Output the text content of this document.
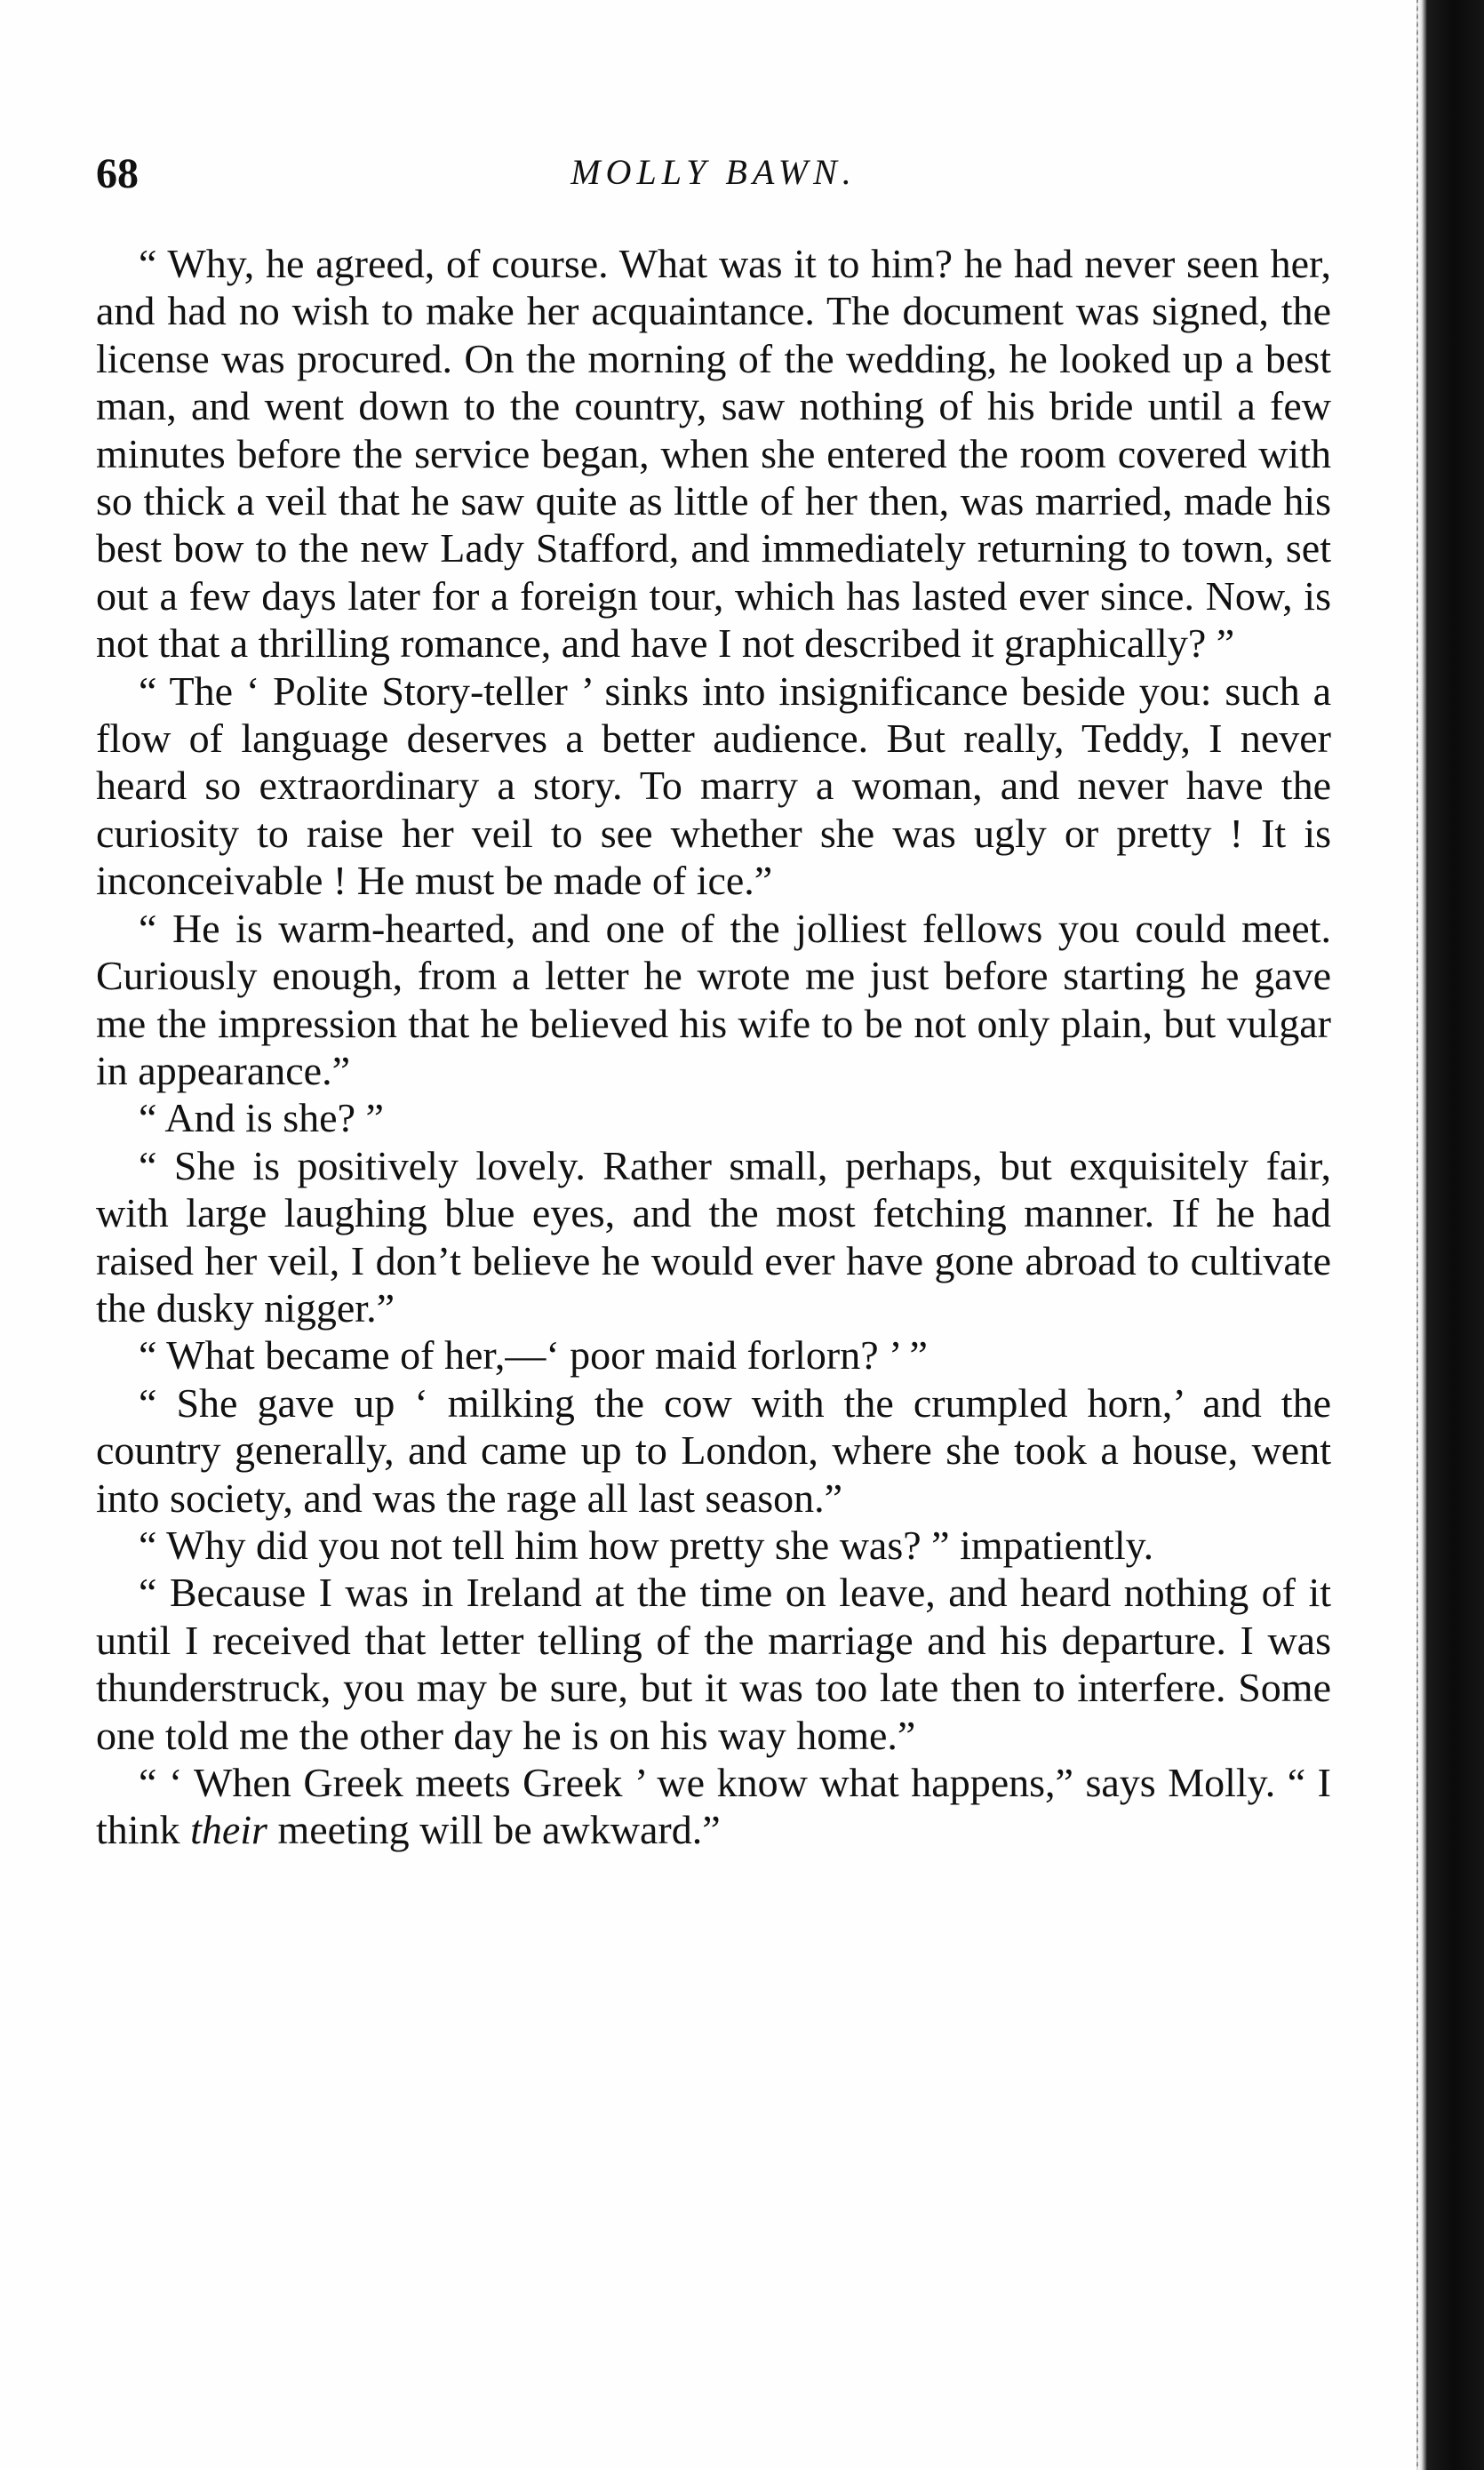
68	MOLLY BAWN.

“ Why, he agreed, of course. What was it to him? he had never seen her, and had no wish to make her acquaintance. The document was signed, the license was procured. On the morning of the wedding, he looked up a best man, and went down to the country, saw nothing of his bride until a few minutes before the service began, when she entered the room covered with so thick a veil that he saw quite as little of her then, was married, made his best bow to the new Lady Stafford, and immediately returning to town, set out a few days later for a foreign tour, which has lasted ever since. Now, is not that a thrilling romance, and have I not described it graphically? ”

“ The ‘ Polite Story-teller ’ sinks into insignificance beside you: such a flow of language deserves a better audience. But really, Teddy, I never heard so extraordinary a story. To marry a woman, and never have the curiosity to raise her veil to see whether she was ugly or pretty ! It is inconceivable ! He must be made of ice.”

“ He is warm-hearted, and one of the jolliest fellows you could meet. Curiously enough, from a letter he wrote me just before starting he gave me the impression that he believed his wife to be not only plain, but vulgar in appearance.”

“ And is she? ”

“ She is positively lovely. Rather small, perhaps, but exquisitely fair, with large laughing blue eyes, and the most fetching manner. If he had raised her veil, I don’t believe he would ever have gone abroad to cultivate the dusky nigger.”

“ What became of her,—‘ poor maid forlorn? ’ ”

“ She gave up ‘ milking the cow with the crumpled horn,’ and the country generally, and came up to London, where she took a house, went into society, and was the rage all last season.”

“ Why did you not tell him how pretty she was? ” impatiently.

“ Because I was in Ireland at the time on leave, and heard nothing of it until I received that letter telling of the marriage and his departure. I was thunderstruck, you may be sure, but it was too late then to interfere. Some one told me the other day he is on his way home.”

“ ‘ When Greek meets Greek ’ we know what happens,” says Molly. “ I think their meeting will be awkward.”
